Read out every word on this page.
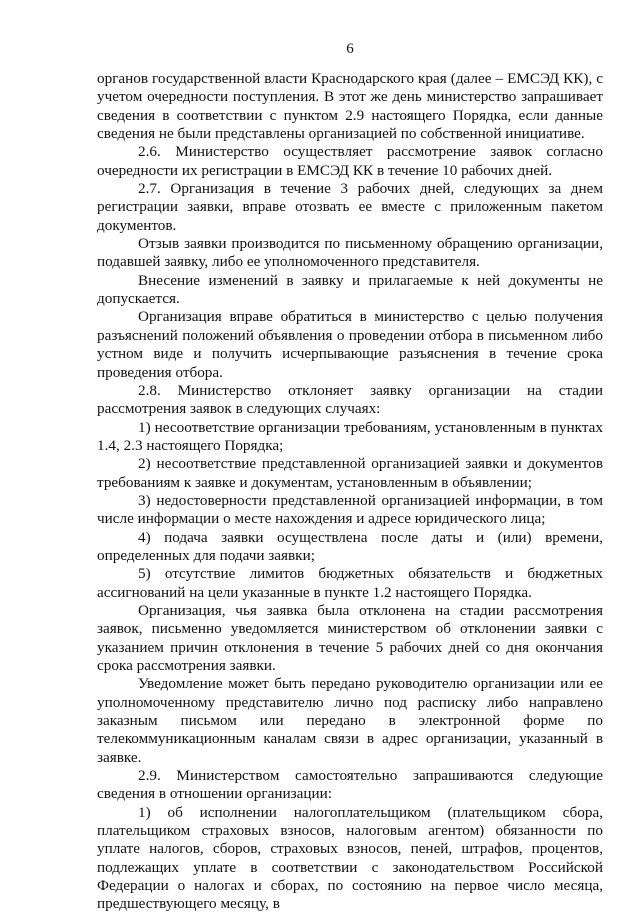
6

органов государственной власти Краснодарского края (далее – ЕМСЭД КК), с учетом очередности поступления. В этот же день министерство запрашивает сведения в соответствии с пунктом 2.9 настоящего Порядка, если данные сведения не были представлены организацией по собственной инициативе.

2.6. Министерство осуществляет рассмотрение заявок согласно очередности их регистрации в ЕМСЭД КК в течение 10 рабочих дней.

2.7. Организация в течение 3 рабочих дней, следующих за днем регистрации заявки, вправе отозвать ее вместе с приложенным пакетом документов.

Отзыв заявки производится по письменному обращению организации, подавшей заявку, либо ее уполномоченного представителя.

Внесение изменений в заявку и прилагаемые к ней документы не допускается.

Организация вправе обратиться в министерство с целью получения разъяснений положений объявления о проведении отбора в письменном либо устном виде и получить исчерпывающие разъяснения в течение срока проведения отбора.

2.8. Министерство отклоняет заявку организации на стадии рассмотрения заявок в следующих случаях:

1) несоответствие организации требованиям, установленным в пунктах 1.4, 2.3 настоящего Порядка;

2) несоответствие представленной организацией заявки и документов требованиям к заявке и документам, установленным в объявлении;

3) недостоверности представленной организацией информации, в том числе информации о месте нахождения и адресе юридического лица;

4) подача заявки осуществлена после даты и (или) времени, определенных для подачи заявки;

5) отсутствие лимитов бюджетных обязательств и бюджетных ассигнований на цели указанные в пункте 1.2 настоящего Порядка.

Организация, чья заявка была отклонена на стадии рассмотрения заявок, письменно уведомляется министерством об отклонении заявки с указанием причин отклонения в течение 5 рабочих дней со дня окончания срока рассмотрения заявки.

Уведомление может быть передано руководителю организации или ее уполномоченному представителю лично под расписку либо направлено заказным письмом или передано в электронной форме по телекоммуникационным каналам связи в адрес организации, указанный в заявке.

2.9. Министерством самостоятельно запрашиваются следующие сведения в отношении организации:

1) об исполнении налогоплательщиком (плательщиком сбора, плательщиком страховых взносов, налоговым агентом) обязанности по уплате налогов, сборов, страховых взносов, пеней, штрафов, процентов, подлежащих уплате в соответствии с законодательством Российской Федерации о налогах и сборах, по состоянию на первое число месяца, предшествующего месяцу, в
